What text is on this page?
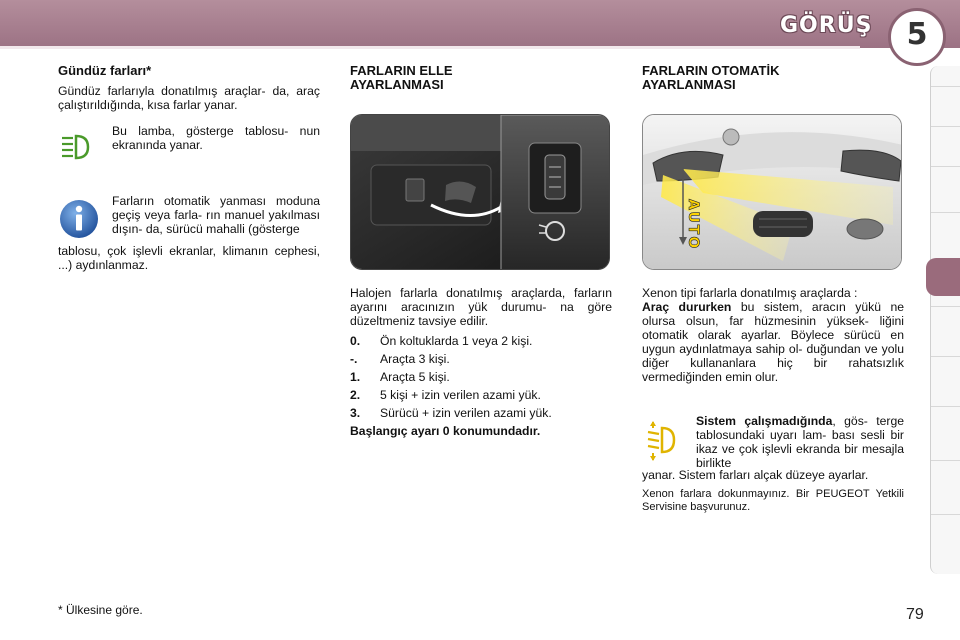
GÖRÜŞ	5
Gündüz farları*

Gündüz farlarıyla donatılmış araçlar- da, araç çalıştırıldığında, kısa farlar yanar.

Bu lamba, gösterge tablosu- nun ekranında yanar.

Farların otomatik yanması moduna geçiş veya farla- rın manuel yakılması dışın- da, sürücü mahalli (gösterge

tablosu, çok işlevli ekranlar, klimanın cephesi, ...) aydınlanmaz.

FARLARIN ELLE
AYARLANMASI

Halojen farlarla donatılmış araçlarda, farların ayarını aracınızın yük durumu- na göre düzeltmeniz tavsiye edilir.

0.	Ön koltuklarda 1 veya 2 kişi.
-.	Araçta 3 kişi.
1.	Araçta 5 kişi.
2.	5 kişi + izin verilen azami yük.
3.	Sürücü + izin verilen azami yük.

Başlangıç ayarı 0 konumundadır.

FARLARIN OTOMATİK
AYARLANMASI
AUTO

Xenon tipi farlarla donatılmış araçlarda :
Araç dururken bu sistem, aracın yükü ne olursa olsun, far hüzmesinin yüksek- liğini otomatik olarak ayarlar. Böylece sürücü en uygun aydınlatmaya sahip ol- duğundan ve yolu diğer kullananlara hiç bir rahatsızlık vermediğinden emin olur.

Sistem çalışmadığında, gös- terge tablosundaki uyarı lam- bası sesli bir ikaz ve çok işlevli ekranda bir mesajla birlikte

yanar. Sistem farları alçak düzeye ayarlar.

Xenon farlara dokunmayınız. Bir PEUGEOT Yetkili Servisine başvurunuz.

* Ülkesine göre.	79
